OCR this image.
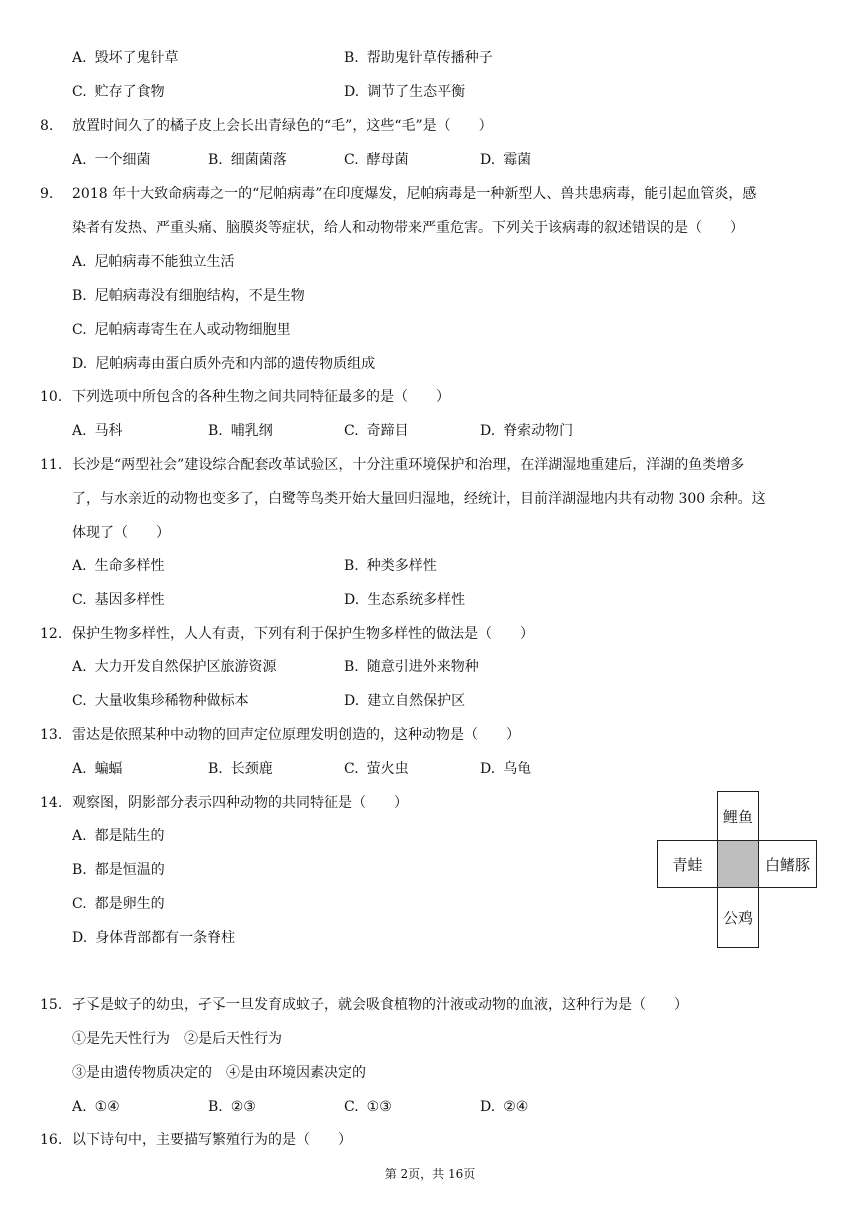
A. 毁坏了鬼针草	B. 帮助鬼针草传播种子
C. 贮存了食物	D. 调节了生态平衡
8. 放置时间久了的橘子皮上会长出青绿色的“毛”，这些“毛”是（　　）
A. 一个细菌	B. 细菌菌落	C. 酵母菌	D. 霉菌
9. 2018 年十大致命病毒之一的“尼帕病毒”在印度爆发，尼帕病毒是一种新型人、兽共患病毒，能引起血管炎，感
染者有发热、严重头痛、脑膜炎等症状，给人和动物带来严重危害。下列关于该病毒的叙述错误的是（　　）
A. 尼帕病毒不能独立生活
B. 尼帕病毒没有细胞结构，不是生物
C. 尼帕病毒寄生在人或动物细胞里
D. 尼帕病毒由蛋白质外壳和内部的遗传物质组成
10. 下列选项中所包含的各种生物之间共同特征最多的是（　　）
A. 马科	B. 哺乳纲	C. 奇蹄目	D. 脊索动物门
11. 长沙是“两型社会”建设综合配套改革试验区，十分注重环境保护和治理，在洋湖湿地重建后，洋湖的鱼类增多
了，与水亲近的动物也变多了，白鹭等鸟类开始大量回归湿地，经统计，目前洋湖湿地内共有动物 300 余种。这
体现了（　　）
A. 生命多样性	B. 种类多样性
C. 基因多样性	D. 生态系统多样性
12. 保护生物多样性，人人有责，下列有利于保护生物多样性的做法是（　　）
A. 大力开发自然保护区旅游资源	B. 随意引进外来物种
C. 大量收集珍稀物种做标本	D. 建立自然保护区
13. 雷达是依照某种中动物的回声定位原理发明创造的，这种动物是（　　）
A. 蝙蝠	B. 长颈鹿	C. 萤火虫	D. 乌龟
14. 观察图，阴影部分表示四种动物的共同特征是（　　）
A. 都是陆生的
B. 都是恒温的
C. 都是卵生的
D. 身体背部都有一条脊柱
鲤鱼
青蛙	白鳍豚
公鸡
15. 孑孓是蚊子的幼虫，孑孓一旦发育成蚊子，就会吸食植物的汁液或动物的血液，这种行为是（　　）
①是先天性行为　②是后天性行为
③是由遗传物质决定的　④是由环境因素决定的
A. ①④	B. ②③	C. ①③	D. ②④
16. 以下诗句中，主要描写繁殖行为的是（　　）
第 2页，共 16页
